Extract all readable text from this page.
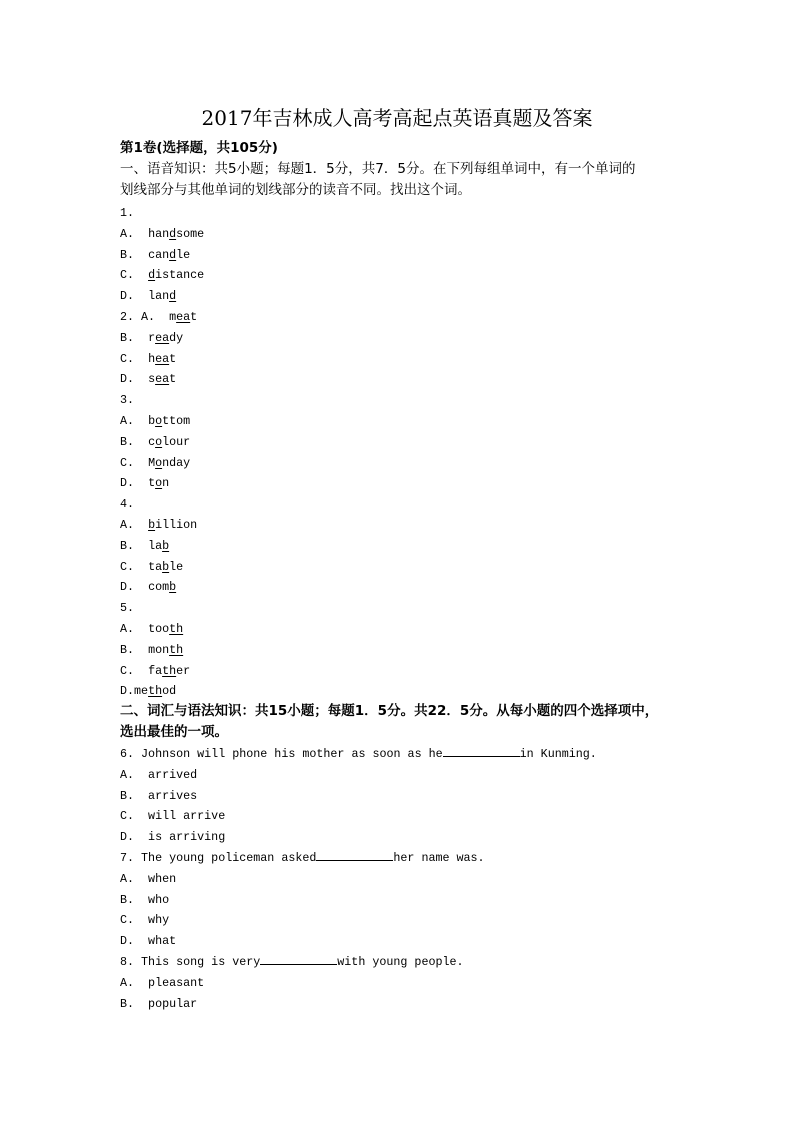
2017年吉林成人高考高起点英语真题及答案
第1卷(选择题，共105分)
一、语音知识：共5小题；每题1．5分，共7．5分。在下列每组单词中，有一个单词的
划线部分与其他单词的划线部分的读音不同。找出这个词。
1.
A.  handsome
B.  candle
C.  distance
D.  land
2. A.  meat
B.  ready
C.  heat
D.  seat
3.
A.  bottom
B.  colour
C.  Monday
D.  ton
4.
A.  billion
B.  lab
C.  table
D.  comb
5.
A.  tooth
B.  month
C.  father
D.method
二、词汇与语法知识：共15小题；每题1．5分。共22．5分。从每小题的四个选择项中，
选出最佳的一项。
6. Johnson will phone his mother as soon as he	in Kunming.
A.  arrived
B.  arrives
C.  will arrive
D.  is arriving
7. The young policeman asked	her name was.
A.  when
B.  who
C.  why
D.  what
8. This song is very	with young people.
A.  pleasant
B.  popular
